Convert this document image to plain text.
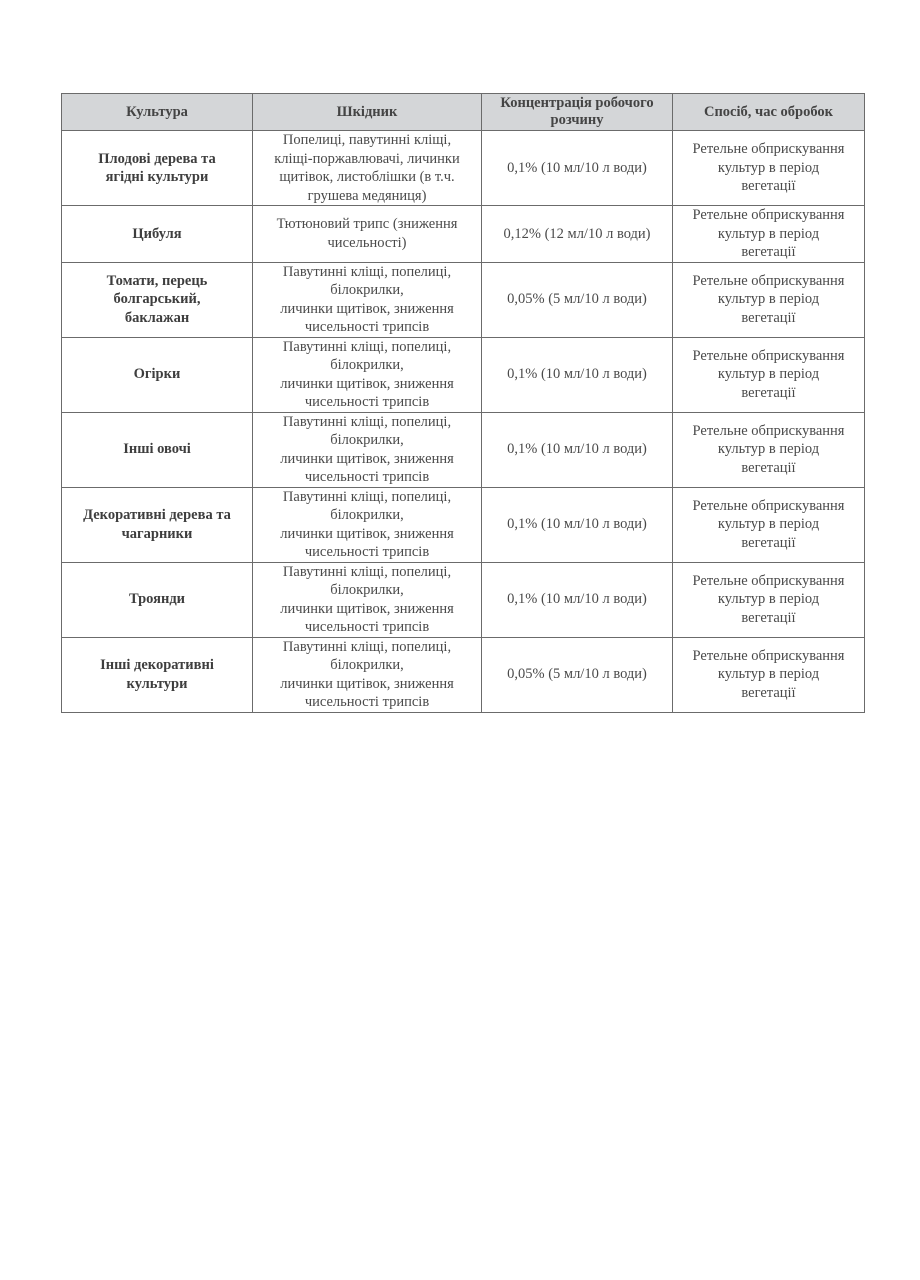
Культура	Шкідник	Концентрація робочого
розчину	Спосіб, час обробок

Плодові дерева та
ягідні культури	Попелиці, павутинні кліщі,
кліщі-поржавлювачі, личинки
щитівок, листоблішки (в т.ч.
грушева медяниця)	0,1% (10 мл/10 л води)	Ретельне обприскування
культур в період
вегетації

Цибуля	Тютюновий трипс (зниження
чисельності)	0,12% (12 мл/10 л води)	Ретельне обприскування
культур в період
вегетації

Томати, перець
болгарський,
баклажан	Павутинні кліщі, попелиці,
білокрилки,
личинки щитівок, зниження
чисельності трипсів	0,05% (5 мл/10 л води)	Ретельне обприскування
культур в період
вегетації

Огірки	Павутинні кліщі, попелиці,
білокрилки,
личинки щитівок, зниження
чисельності трипсів	0,1% (10 мл/10 л води)	Ретельне обприскування
культур в період
вегетації

Інші овочі	Павутинні кліщі, попелиці,
білокрилки,
личинки щитівок, зниження
чисельності трипсів	0,1% (10 мл/10 л води)	Ретельне обприскування
культур в період
вегетації

Декоративні дерева та
чагарники	Павутинні кліщі, попелиці,
білокрилки,
личинки щитівок, зниження
чисельності трипсів	0,1% (10 мл/10 л води)	Ретельне обприскування
культур в період
вегетації

Троянди	Павутинні кліщі, попелиці,
білокрилки,
личинки щитівок, зниження
чисельності трипсів	0,1% (10 мл/10 л води)	Ретельне обприскування
культур в період
вегетації

Інші декоративні
культури	Павутинні кліщі, попелиці,
білокрилки,
личинки щитівок, зниження
чисельності трипсів	0,05% (5 мл/10 л води)	Ретельне обприскування
культур в період
вегетації
